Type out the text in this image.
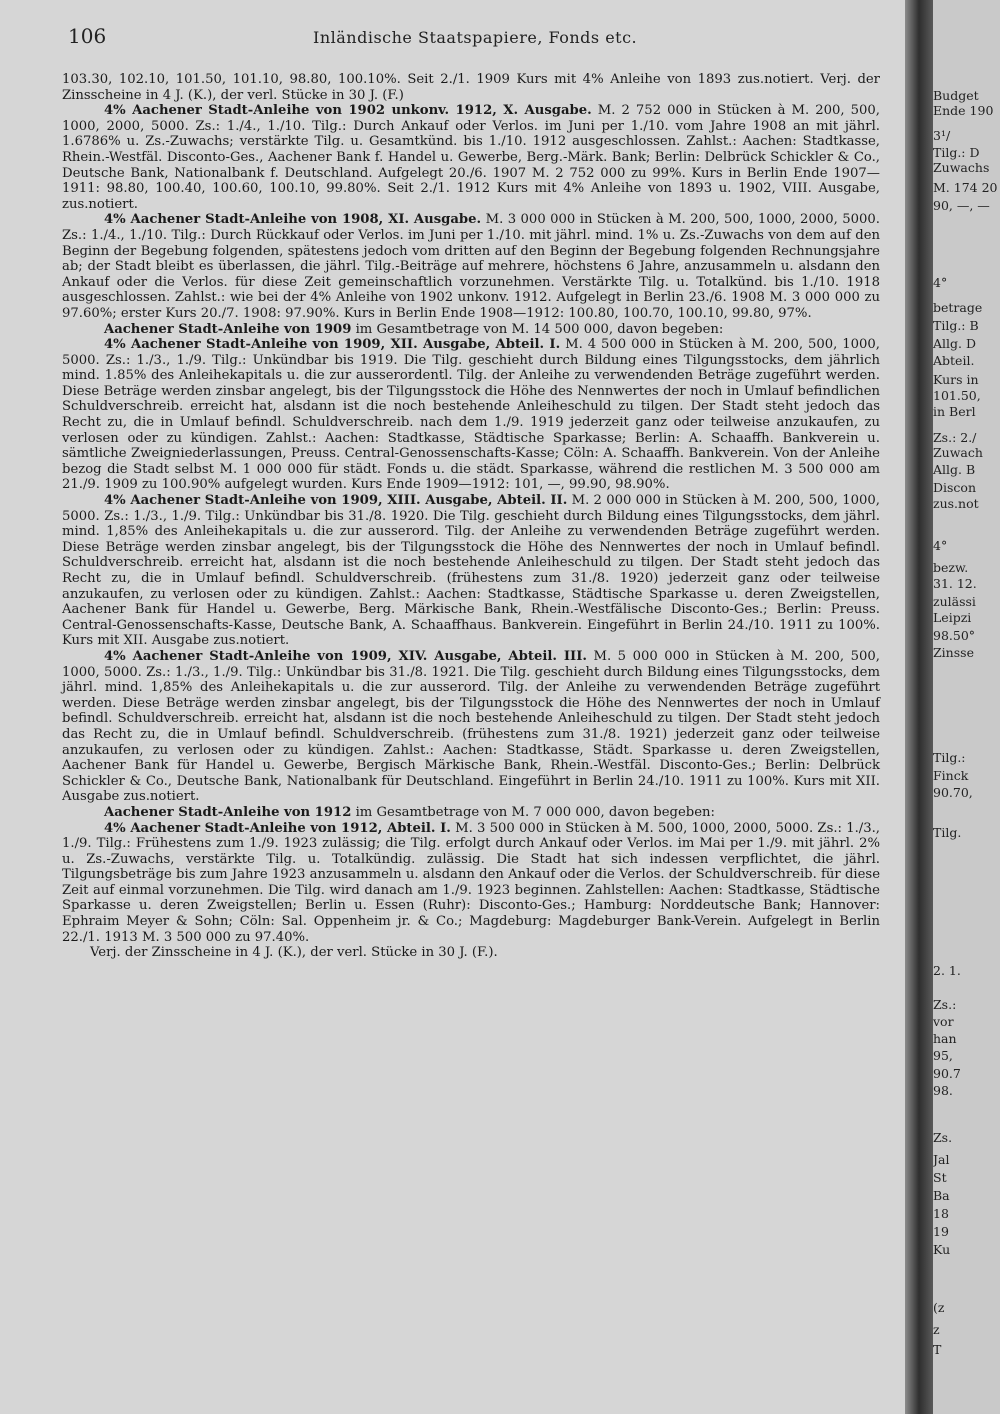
106	Inländische Staatspapiere, Fonds etc.

103.30, 102.10, 101.50, 101.10, 98.80, 100.10%. Seit 2./1. 1909 Kurs mit 4% Anleihe von 1893 zus.notiert. Verj. der Zinsscheine in 4 J. (K.), der verl. Stücke in 30 J. (F.)

4% Aachener Stadt-Anleihe von 1902 unkonv. 1912, X. Ausgabe. M. 2 752 000 in Stücken à M. 200, 500, 1000, 2000, 5000. Zs.: 1./4., 1./10. Tilg.: Durch Ankauf oder Verlos. im Juni per 1./10. vom Jahre 1908 an mit jährl. 1.6786% u. Zs.-Zuwachs; verstärkte Tilg. u. Gesamtkünd. bis 1./10. 1912 ausgeschlossen. Zahlst.: Aachen: Stadtkasse, Rhein.-Westfäl. Disconto-Ges., Aachener Bank f. Handel u. Gewerbe, Berg.-Märk. Bank; Berlin: Delbrück Schickler & Co., Deutsche Bank, Nationalbank f. Deutschland. Aufgelegt 20./6. 1907 M. 2 752 000 zu 99%. Kurs in Berlin Ende 1907—1911: 98.80, 100.40, 100.60, 100.10, 99.80%. Seit 2./1. 1912 Kurs mit 4% Anleihe von 1893 u. 1902, VIII. Ausgabe, zus.notiert.

4% Aachener Stadt-Anleihe von 1908, XI. Ausgabe. M. 3 000 000 in Stücken à M. 200, 500, 1000, 2000, 5000. Zs.: 1./4., 1./10. Tilg.: Durch Rückkauf oder Verlos. im Juni per 1./10. mit jährl. mind. 1% u. Zs.-Zuwachs von dem auf den Beginn der Begebung folgenden, spätestens jedoch vom dritten auf den Beginn der Begebung folgenden Rechnungsjahre ab; der Stadt bleibt es überlassen, die jährl. Tilg.-Beiträge auf mehrere, höchstens 6 Jahre, anzusammeln u. alsdann den Ankauf oder die Verlos. für diese Zeit gemeinschaftlich vorzunehmen. Verstärkte Tilg. u. Totalkünd. bis 1./10. 1918 ausgeschlossen. Zahlst.: wie bei der 4% Anleihe von 1902 unkonv. 1912. Aufgelegt in Berlin 23./6. 1908 M. 3 000 000 zu 97.60%; erster Kurs 20./7. 1908: 97.90%. Kurs in Berlin Ende 1908—1912: 100.80, 100.70, 100.10, 99.80, 97%.

Aachener Stadt-Anleihe von 1909 im Gesamtbetrage von M. 14 500 000, davon begeben:

4% Aachener Stadt-Anleihe von 1909, XII. Ausgabe, Abteil. I. M. 4 500 000 in Stücken à M. 200, 500, 1000, 5000. Zs.: 1./3., 1./9. Tilg.: Unkündbar bis 1919. Die Tilg. geschieht durch Bildung eines Tilgungsstocks, dem jährlich mind. 1.85% des Anleihekapitals u. die zur ausserordentl. Tilg. der Anleihe zu verwendenden Beträge zugeführt werden. Diese Beträge werden zinsbar angelegt, bis der Tilgungsstock die Höhe des Nennwertes der noch in Umlauf befindlichen Schuldverschreib. erreicht hat, alsdann ist die noch bestehende Anleiheschuld zu tilgen. Der Stadt steht jedoch das Recht zu, die in Umlauf befindl. Schuldverschreib. nach dem 1./9. 1919 jederzeit ganz oder teilweise anzukaufen, zu verlosen oder zu kündigen. Zahlst.: Aachen: Stadtkasse, Städtische Sparkasse; Berlin: A. Schaaffh. Bankverein u. sämtliche Zweigniederlassungen, Preuss. Central-Genossenschafts-Kasse; Cöln: A. Schaaffh. Bankverein. Von der Anleihe bezog die Stadt selbst M. 1 000 000 für städt. Fonds u. die städt. Sparkasse, während die restlichen M. 3 500 000 am 21./9. 1909 zu 100.90% aufgelegt wurden. Kurs Ende 1909—1912: 101, —, 99.90, 98.90%.

4% Aachener Stadt-Anleihe von 1909, XIII. Ausgabe, Abteil. II. M. 2 000 000 in Stücken à M. 200, 500, 1000, 5000. Zs.: 1./3., 1./9. Tilg.: Unkündbar bis 31./8. 1920. Die Tilg. geschieht durch Bildung eines Tilgungsstocks, dem jährl. mind. 1,85% des Anleihekapitals u. die zur ausserord. Tilg. der Anleihe zu verwendenden Beträge zugeführt werden. Diese Beträge werden zinsbar angelegt, bis der Tilgungsstock die Höhe des Nennwertes der noch in Umlauf befindl. Schuldverschreib. erreicht hat, alsdann ist die noch bestehende Anleiheschuld zu tilgen. Der Stadt steht jedoch das Recht zu, die in Umlauf befindl. Schuldverschreib. (frühestens zum 31./8. 1920) jederzeit ganz oder teilweise anzukaufen, zu verlosen oder zu kündigen. Zahlst.: Aachen: Stadtkasse, Städtische Sparkasse u. deren Zweigstellen, Aachener Bank für Handel u. Gewerbe, Berg. Märkische Bank, Rhein.-Westfälische Disconto-Ges.; Berlin: Preuss. Central-Genossenschafts-Kasse, Deutsche Bank, A. Schaaffhaus. Bankverein. Eingeführt in Berlin 24./10. 1911 zu 100%. Kurs mit XII. Ausgabe zus.notiert.

4% Aachener Stadt-Anleihe von 1909, XIV. Ausgabe, Abteil. III. M. 5 000 000 in Stücken à M. 200, 500, 1000, 5000. Zs.: 1./3., 1./9. Tilg.: Unkündbar bis 31./8. 1921. Die Tilg. geschieht durch Bildung eines Tilgungsstocks, dem jährl. mind. 1,85% des Anleihekapitals u. die zur ausserord. Tilg. der Anleihe zu verwendenden Beträge zugeführt werden. Diese Beträge werden zinsbar angelegt, bis der Tilgungsstock die Höhe des Nennwertes der noch in Umlauf befindl. Schuldverschreib. erreicht hat, alsdann ist die noch bestehende Anleiheschuld zu tilgen. Der Stadt steht jedoch das Recht zu, die in Umlauf befindl. Schuldverschreib. (frühestens zum 31./8. 1921) jederzeit ganz oder teilweise anzukaufen, zu verlosen oder zu kündigen. Zahlst.: Aachen: Stadtkasse, Städt. Sparkasse u. deren Zweigstellen, Aachener Bank für Handel u. Gewerbe, Bergisch Märkische Bank, Rhein.-Westfäl. Disconto-Ges.; Berlin: Delbrück Schickler & Co., Deutsche Bank, Nationalbank für Deutschland. Eingeführt in Berlin 24./10. 1911 zu 100%. Kurs mit XII. Ausgabe zus.notiert.

Aachener Stadt-Anleihe von 1912 im Gesamtbetrage von M. 7 000 000, davon begeben:

4% Aachener Stadt-Anleihe von 1912, Abteil. I. M. 3 500 000 in Stücken à M. 500, 1000, 2000, 5000. Zs.: 1./3., 1./9. Tilg.: Frühestens zum 1./9. 1923 zulässig; die Tilg. erfolgt durch Ankauf oder Verlos. im Mai per 1./9. mit jährl. 2% u. Zs.-Zuwachs, verstärkte Tilg. u. Totalkündig. zulässig. Die Stadt hat sich indessen verpflichtet, die jährl. Tilgungsbeträge bis zum Jahre 1923 anzusammeln u. alsdann den Ankauf oder die Verlos. der Schuldverschreib. für diese Zeit auf einmal vorzunehmen. Die Tilg. wird danach am 1./9. 1923 beginnen. Zahlstellen: Aachen: Stadtkasse, Städtische Sparkasse u. deren Zweigstellen; Berlin u. Essen (Ruhr): Disconto-Ges.; Hamburg: Norddeutsche Bank; Hannover: Ephraim Meyer & Sohn; Cöln: Sal. Oppenheim jr. & Co.; Magdeburg: Magdeburger Bank-Verein. Aufgelegt in Berlin 22./1. 1913 M. 3 500 000 zu 97.40%.

Verj. der Zinsscheine in 4 J. (K.), der verl. Stücke in 30 J. (F.).

Budget
Ende 190
3¹/
Tilg.: D
Zuwachs
M. 174 20
90, —, —
4°
betrage
Tilg.: B
Allg. D
Abteil.
Kurs in
101.50,
in Berl
Zs.: 2./
Zuwach
Allg. B
Discon
zus.not
4°
bezw.
31. 12.
zulässi
Leipzi
98.50°
Zinsse
Tilg.:
Finck
90.70,
Tilg.
2. 1.
Zs.:
vor
han
95,
90.7
98.
Zs.
Jal
St
Ba
18
19
Ku
(z
z
T
